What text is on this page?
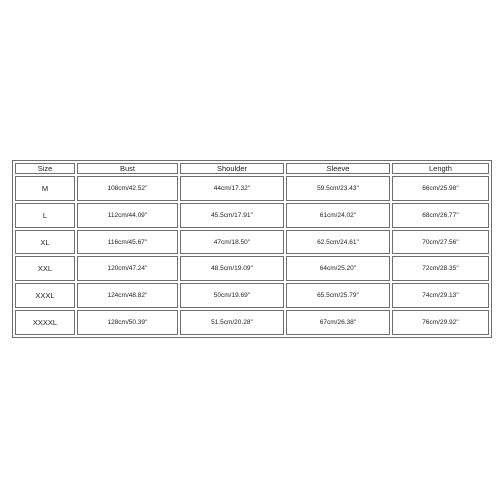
Size	Bust	Shoulder	Sleeve	Length
M	108cm/42.52''	44cm/17.32''	59.5cm/23.43''	66cm/25.98''
L	112cm/44.09''	45.5cm/17.91''	61cm/24.02''	68cm/26.77''
XL	116cm/45.67''	47cm/18.50''	62.5cm/24.61''	70cm/27.56''
XXL	120cm/47.24''	48.5cm/19.09''	64cm/25.20''	72cm/28.35''
XXXL	124cm/48.82''	50cm/19.69''	65.5cm/25.79''	74cm/29.13''
XXXXL	128cm/50.39''	51.5cm/20.28''	67cm/26.38''	76cm/29.92''
